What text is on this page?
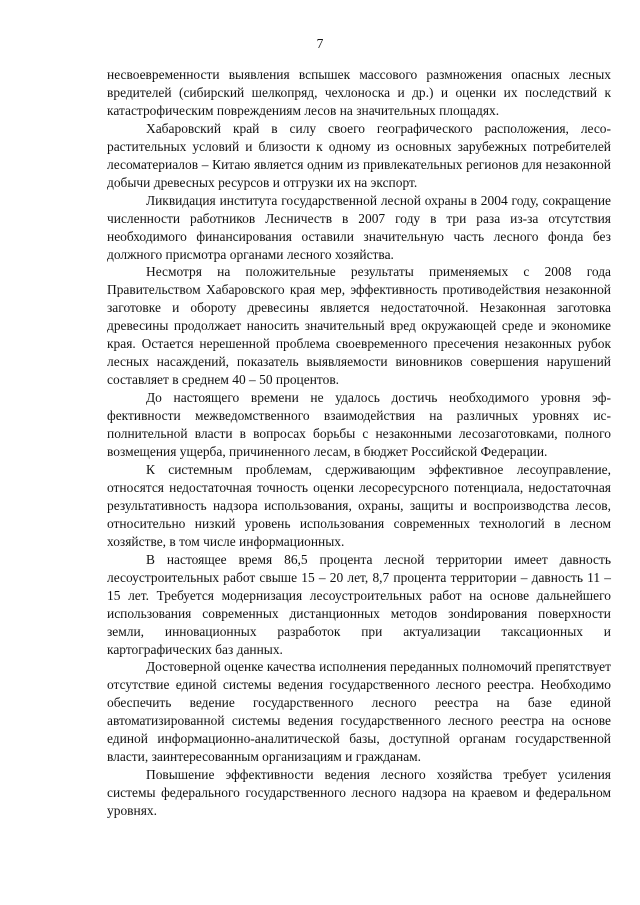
7

несвоевременности выявления вспышек массового размножения опасных лесных вредителей (сибирский шелкопряд, чехлоноска и др.) и оценки их последствий к катастрофическим повреждениям лесов на значительных площадях.

Хабаровский край в силу своего географического расположения, лесорастительных условий и близости к одному из основных зарубежных потребителей лесоматериалов – Китаю является одним из привлекательных регионов для незаконной добычи древесных ресурсов и отгрузки их на экспорт.

Ликвидация института государственной лесной охраны в 2004 году, сокращение численности работников Лесничеств в 2007 году в три раза из-за отсутствия необходимого финансирования оставили значительную часть лесного фонда без должного присмотра органами лесного хозяйства.

Несмотря на положительные результаты применяемых с 2008 года Правительством Хабаровского края мер, эффективность противодействия незаконной заготовке и обороту древесины является недостаточной. Незаконная заготовка древесины продолжает наносить значительный вред окружающей среде и экономике края. Остается нерешенной проблема своевременного пресечения незаконных рубок лесных насаждений, показатель выявляемости виновников совершения нарушений составляет в среднем 40 – 50 процентов.

До настоящего времени не удалось достичь необходимого уровня эффективности межведомственного взаимодействия на различных уровнях исполнительной власти в вопросах борьбы с незаконными лесозаготовками, полного возмещения ущерба, причиненного лесам, в бюджет Российской Федерации.

К системным проблемам, сдерживающим эффективное лесоуправление, относятся недостаточная точность оценки лесоресурсного потенциала, недостаточная результативность надзора использования, охраны, защиты и воспроизводства лесов, относительно низкий уровень использования современных технологий в лесном хозяйстве, в том числе информационных.

В настоящее время 86,5 процента лесной территории имеет давность лесоустроительных работ свыше 15 – 20 лет, 8,7 процента территории – давность 11 – 15 лет. Требуется модернизация лесоустроительных работ на основе дальнейшего использования современных дистанционных методов зонdирования поверхности земли, инновационных разработок при актуализации таксационных и картографических баз данных.

Достоверной оценке качества исполнения переданных полномочий препятствует отсутствие единой системы ведения государственного лесного реестра. Необходимо обеспечить ведение государственного лесного реестра на базе единой автоматизированной системы ведения государственного лесного реестра на основе единой информационно-аналитической базы, доступной органам государственной власти, заинтересованным организациям и гражданам.

Повышение эффективности ведения лесного хозяйства требует усиления системы федерального государственного лесного надзора на краевом и федеральном уровнях.
